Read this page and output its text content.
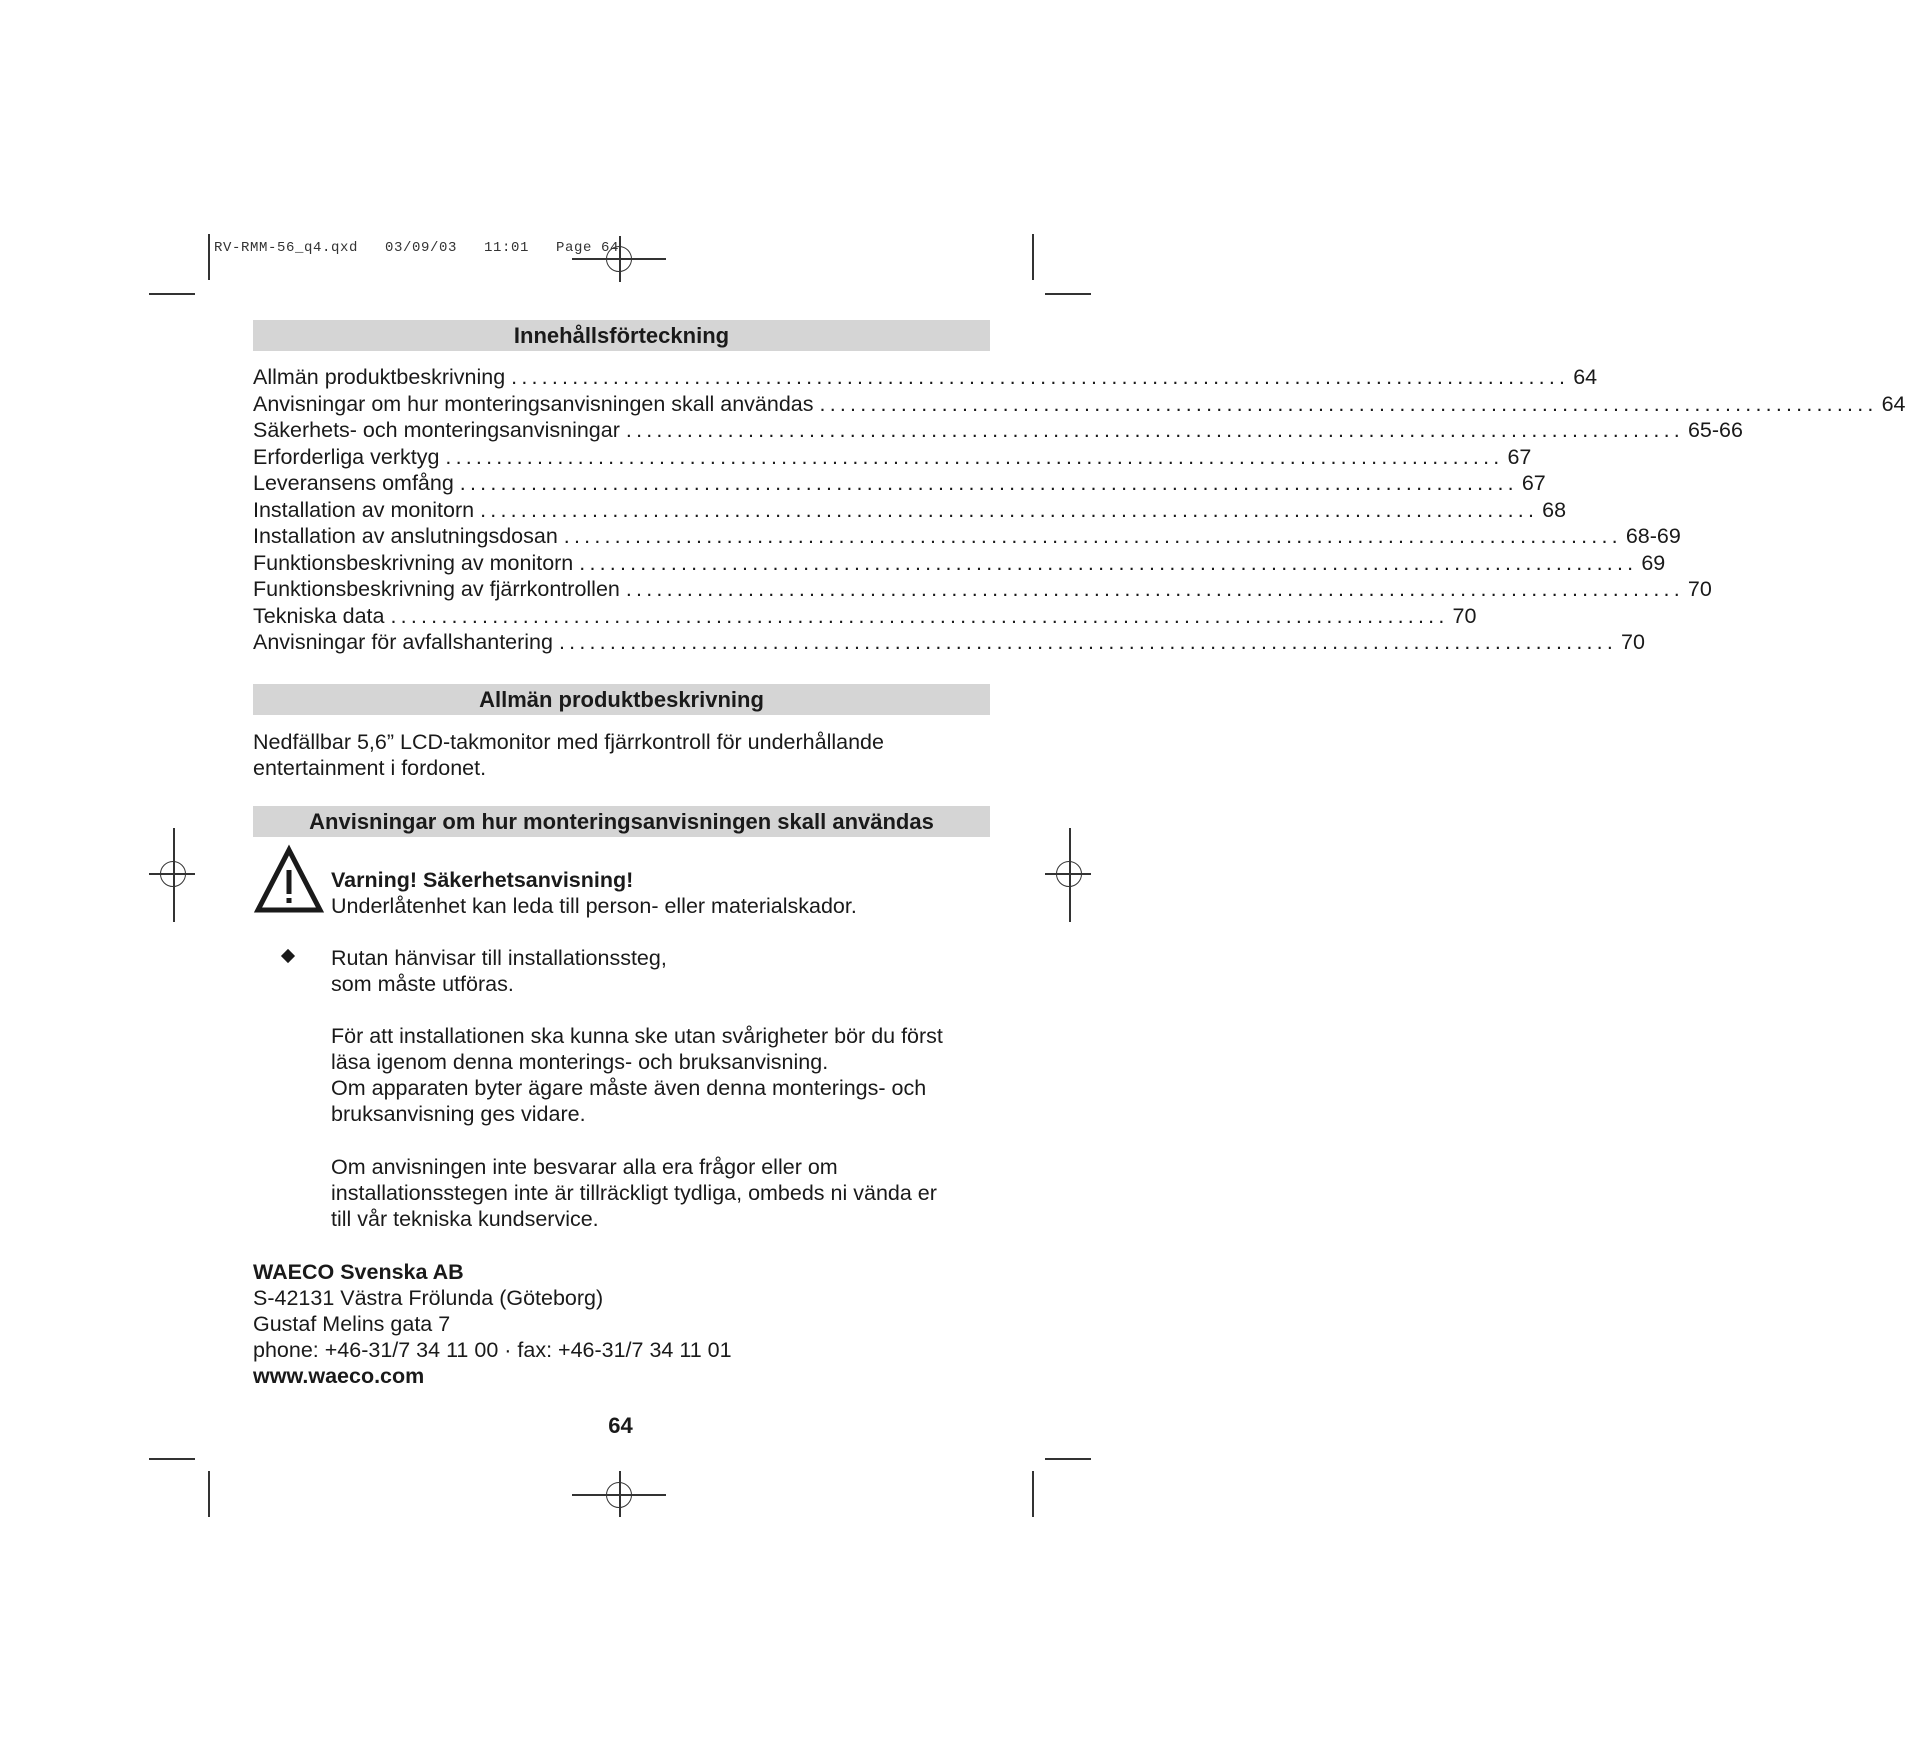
RV-RMM-56_q4.qxd   03/09/03   11:01   Page 64
Innehållsförteckning
Allmän produktbeskrivning ........................................................................................................ 64
Anvisningar om hur monteringsanvisningen skall användas ........................................................................................................ 64
Säkerhets- och monteringsanvisningar ........................................................................................................ 65-66
Erforderliga verktyg ........................................................................................................ 67
Leveransens omfång ........................................................................................................ 67
Installation av monitorn ........................................................................................................ 68
Installation av anslutningsdosan ........................................................................................................ 68-69
Funktionsbeskrivning av monitorn ........................................................................................................ 69
Funktionsbeskrivning av fjärrkontrollen ........................................................................................................ 70
Tekniska data ........................................................................................................ 70
Anvisningar för avfallshantering ........................................................................................................ 70
Allmän produktbeskrivning
Nedfällbar 5,6” LCD-takmonitor med fjärrkontroll för underhållande
entertainment i fordonet.
Anvisningar om hur monteringsanvisningen skall användas
Varning! Säkerhetsanvisning!
Underlåtenhet kan leda till person- eller materialskador.
Rutan hänvisar till installationssteg,
som måste utföras.
För att installationen ska kunna ske utan svårigheter bör du först
läsa igenom denna monterings- och bruksanvisning.
Om apparaten byter ägare måste även denna monterings- och
bruksanvisning ges vidare.
Om anvisningen inte besvarar alla era frågor eller om
installationsstegen inte är tillräckligt tydliga, ombeds ni vända er
till vår tekniska kundservice.
WAECO Svenska AB
S-42131 Västra Frölunda (Göteborg)
Gustaf Melins gata 7
phone: +46-31/7 34 11 00 · fax: +46-31/7 34 11 01
www.waeco.com
64
